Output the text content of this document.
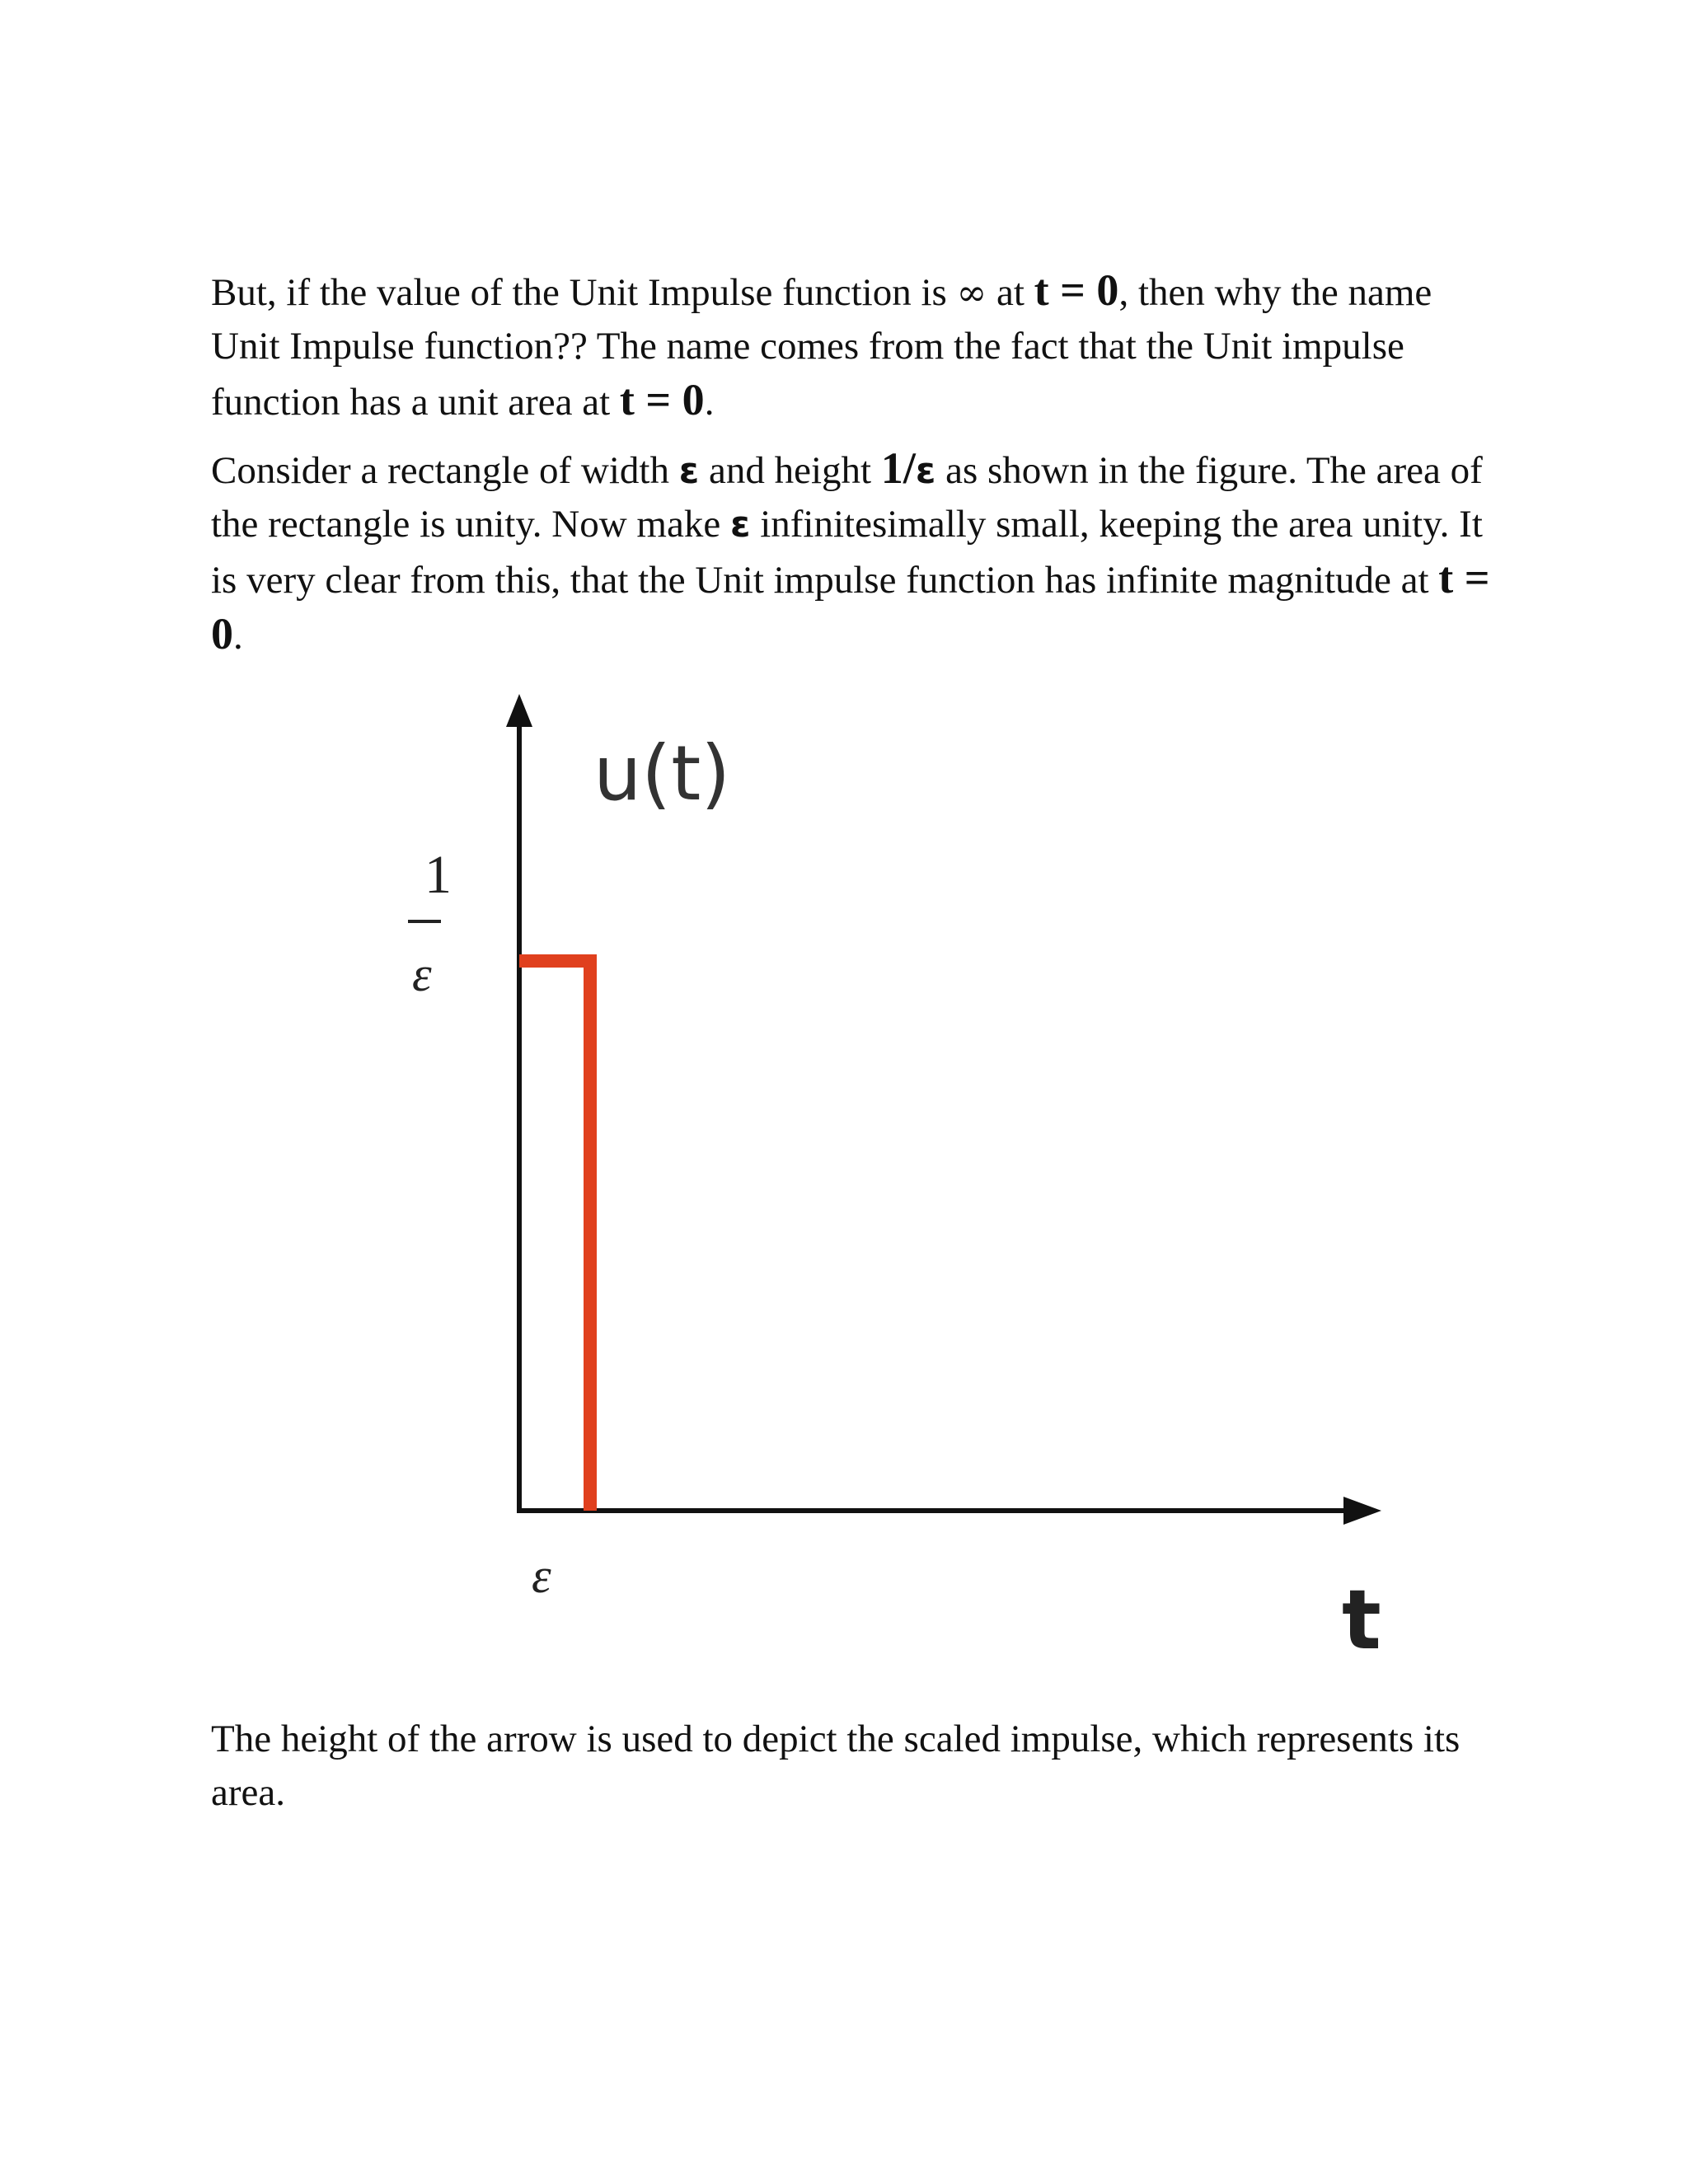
But, if the value of the Unit Impulse function is ∞ at t = 0, then why the name Unit Impulse function?? The name comes from the fact that the Unit impulse function has a unit area at t = 0.

Consider a rectangle of width ε and height 1/ε as shown in the figure. The area of the rectangle is unity. Now make ε infinitesimally small, keeping the area unity. It is very clear from this, that the Unit impulse function has infinite magnitude at t = 0.

u(t)
1
ε
ε	t

The height of the arrow is used to depict the scaled impulse, which represents its area.
